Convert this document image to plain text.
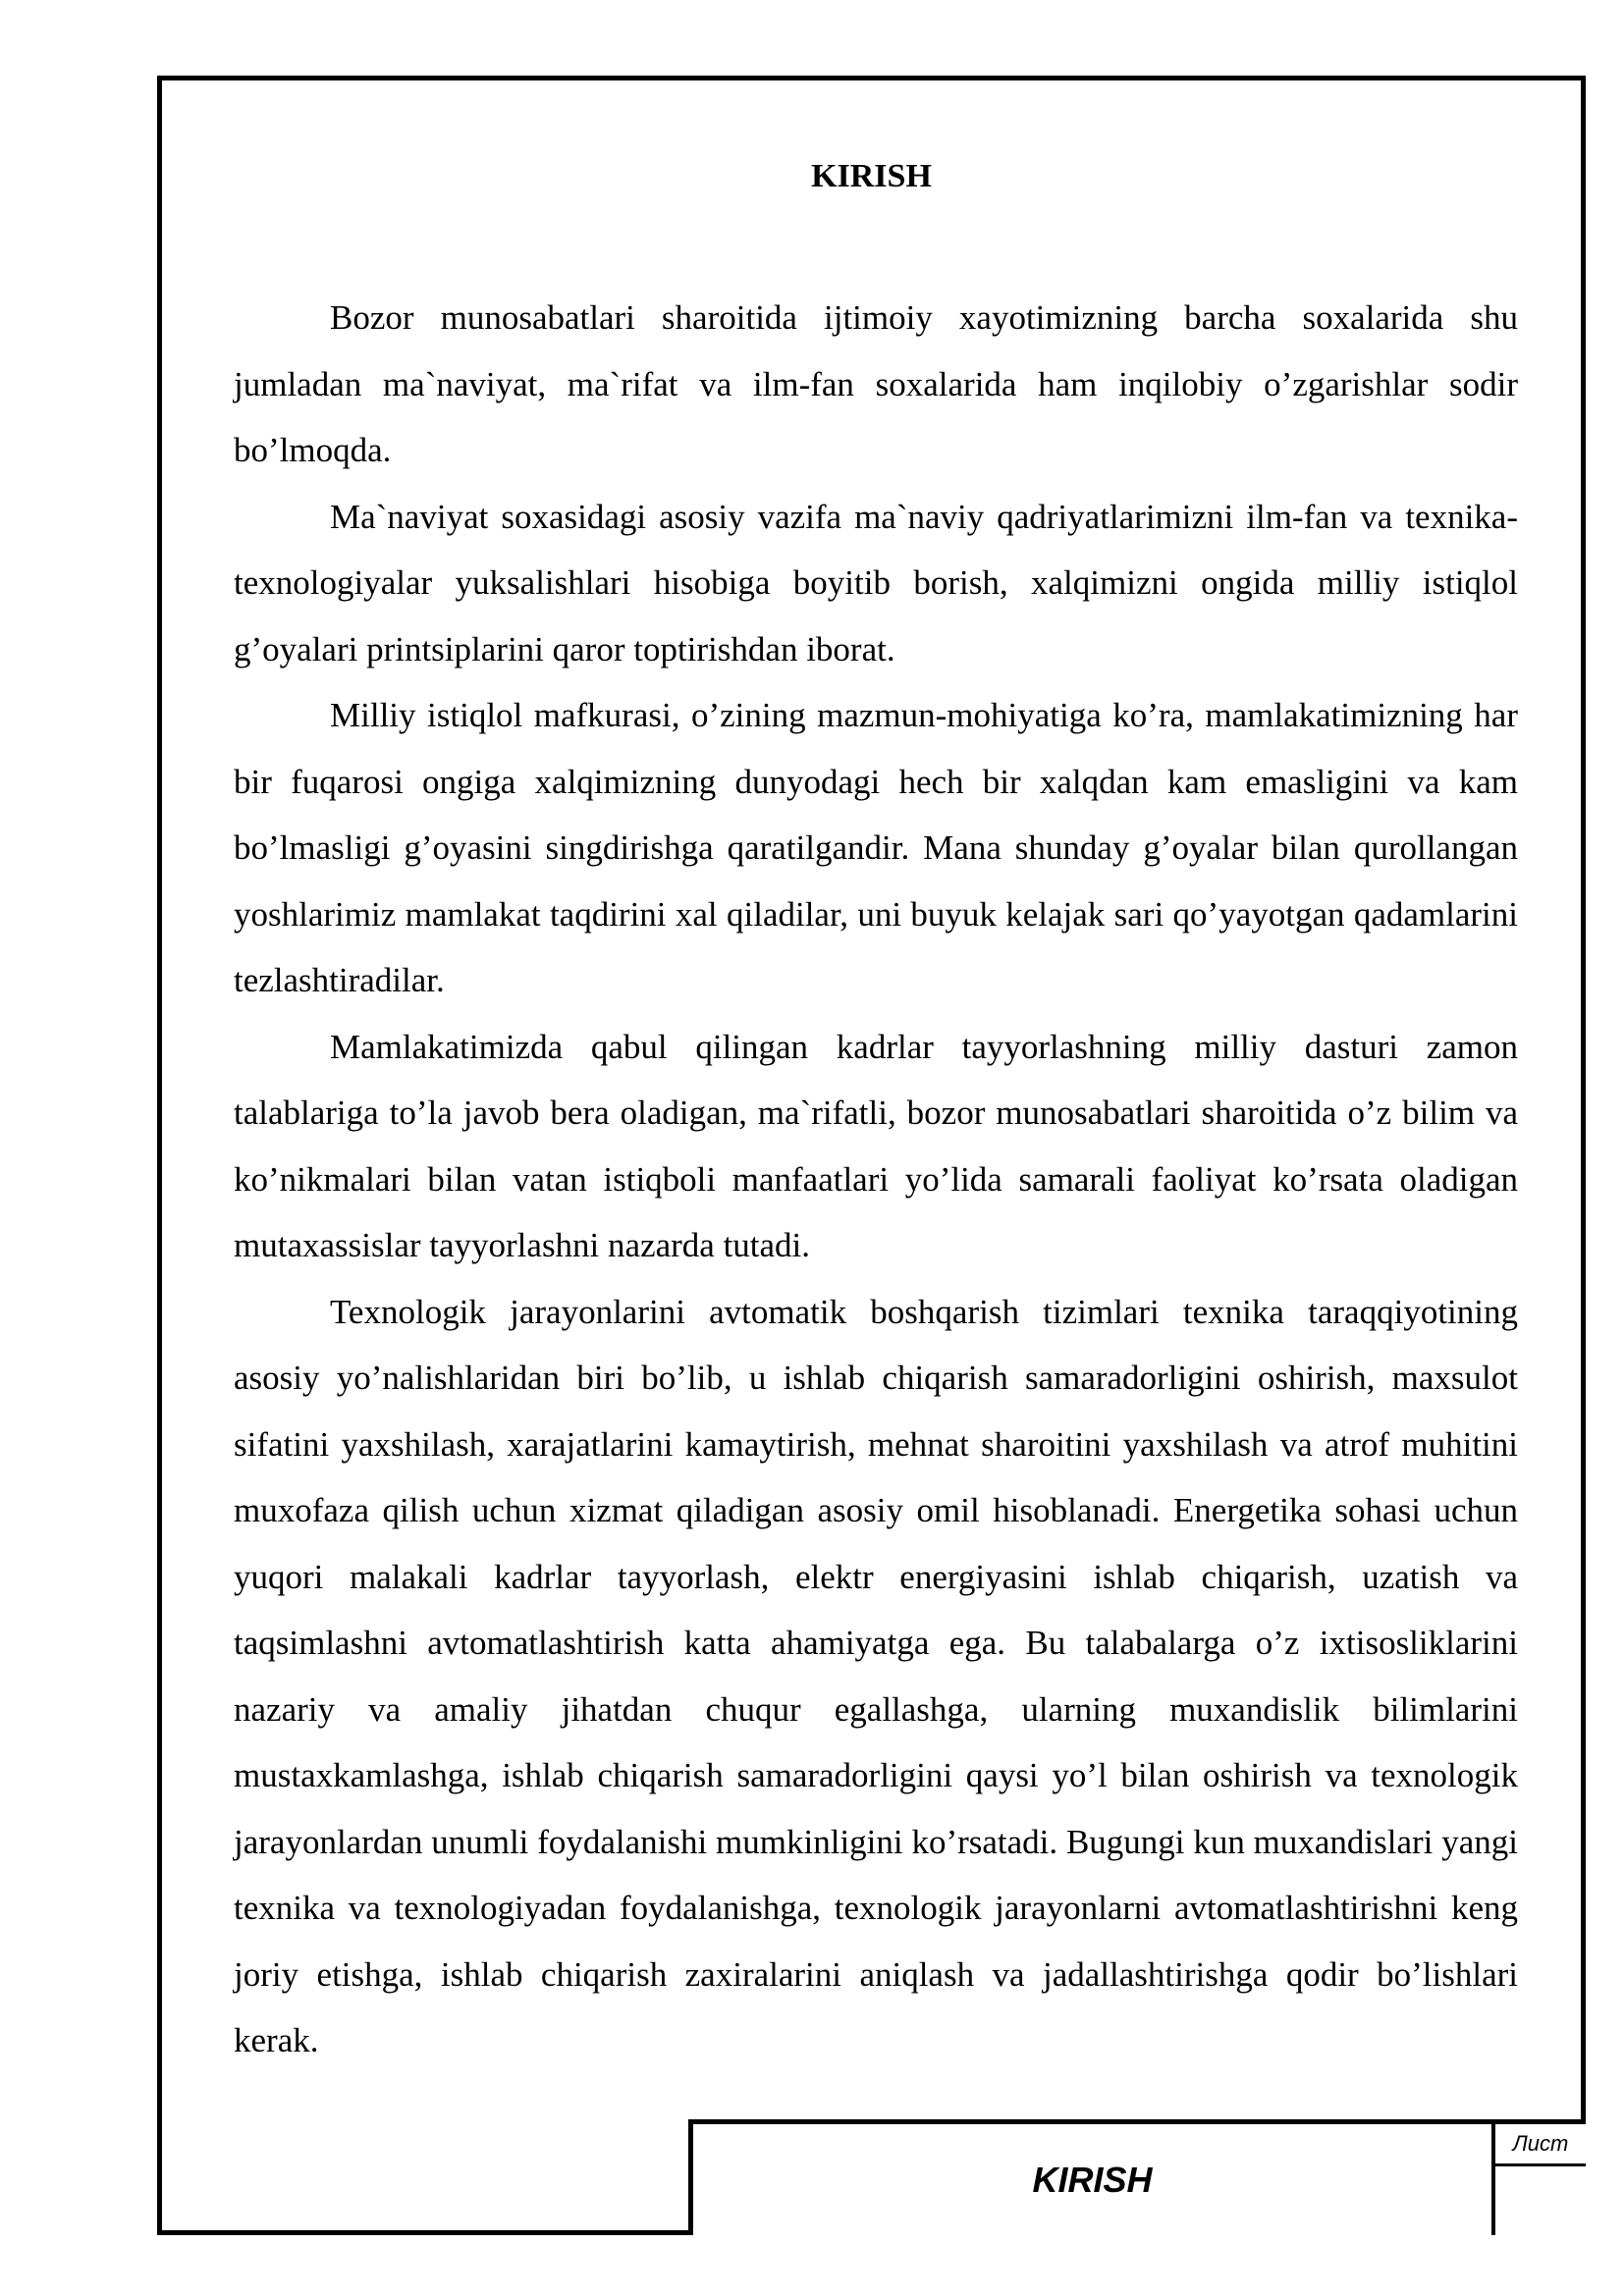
KIRISH

Bozor munosabatlari sharoitida ijtimoiy xayotimizning barcha soxalarida shu jumladan ma`naviyat, ma`rifat va ilm-fan soxalarida ham inqilobiy o’zgarishlar sodir bo’lmoqda.

Ma`naviyat soxasidagi asosiy vazifa ma`naviy qadriyatlarimizni ilm-fan va texnika-texnologiyalar yuksalishlari hisobiga boyitib borish, xalqimizni ongida milliy istiqlol g’oyalari printsiplarini qaror toptirishdan iborat.

Milliy istiqlol mafkurasi, o’zining mazmun-mohiyatiga ko’ra, mamlakatimizning har bir fuqarosi ongiga xalqimizning dunyodagi hech bir xalqdan kam emasligini va kam bo’lmasligi g’oyasini singdirishga qaratilgandir. Mana shunday g’oyalar bilan qurollangan yoshlarimiz mamlakat taqdirini xal qiladilar, uni buyuk kelajak sari qo’yayotgan qadamlarini tezlashtiradilar.

Mamlakatimizda qabul qilingan kadrlar tayyorlashning milliy dasturi zamon talablariga to’la javob bera oladigan, ma`rifatli, bozor munosabatlari sharoitida o’z bilim va ko’nikmalari bilan vatan istiqboli manfaatlari yo’lida samarali faoliyat ko’rsata oladigan mutaxassislar tayyorlashni nazarda tutadi.

Texnologik jarayonlarini avtomatik boshqarish tizimlari texnika taraqqiyotining asosiy yo’nalishlaridan biri bo’lib, u ishlab chiqarish samaradorligini oshirish, maxsulot sifatini yaxshilash, xarajatlarini kamaytirish, mehnat sharoitini yaxshilash va atrof muhitini muxofaza qilish uchun xizmat qiladigan asosiy omil hisoblanadi. Energetika sohasi uchun yuqori malakali kadrlar tayyorlash, elektr energiyasini ishlab chiqarish, uzatish va taqsimlashni avtomatlashtirish katta ahamiyatga ega. Bu talabalarga o’z ixtisosliklarini nazariy va amaliy jihatdan chuqur egallashga, ularning muxandislik bilimlarini mustaxkamlashga, ishlab chiqarish samaradorligini qaysi yo’l bilan oshirish va texnologik jarayonlardan unumli foydalanishi mumkinligini ko’rsatadi. Bugungi kun muxandislari yangi texnika va texnologiyadan foydalanishga, texnologik jarayonlarni avtomatlashtirishni keng joriy etishga, ishlab chiqarish zaxiralarini aniqlash va jadallashtirishga qodir bo’lishlari kerak.

KIRISH
Лист
